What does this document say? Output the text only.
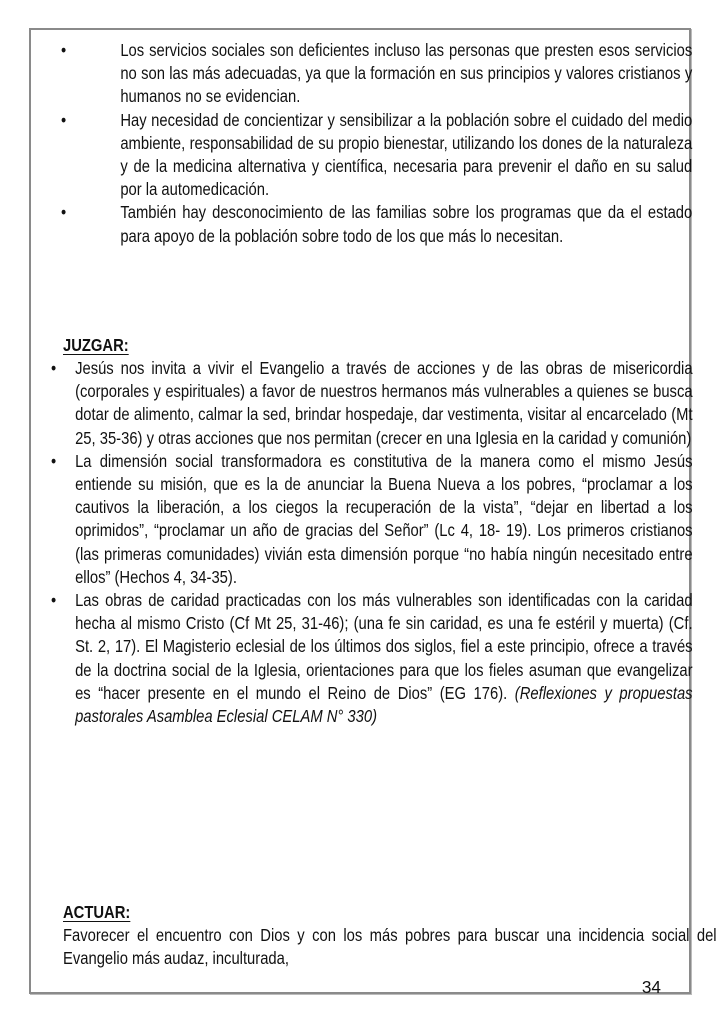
•	Los servicios sociales son deficientes incluso las personas que presten esos servicios no son las más adecuadas, ya que la formación en sus principios y valores cristianos y humanos no se evidencian.
•	Hay necesidad de concientizar y sensibilizar a la población sobre el cuidado del medio ambiente, responsabilidad de su propio bienestar, utilizando los dones de la naturaleza y de la medicina alternativa y científica, necesaria para prevenir el daño en su salud por la automedicación.
•	También hay desconocimiento de las familias sobre los programas que da el estado para apoyo de la población sobre todo de los que más lo necesitan.
JUZGAR:
•	Jesús nos invita a vivir el Evangelio a través de acciones y de las obras de misericordia (corporales y espirituales) a favor de nuestros hermanos más vulnerables a quienes se busca dotar de alimento, calmar la sed, brindar hospedaje, dar vestimenta, visitar al encarcelado (Mt 25, 35-36) y otras acciones que nos permitan (crecer en una Iglesia en la caridad y comunión)
•	La dimensión social transformadora es constitutiva de la manera como el mismo Jesús entiende su misión, que es la de anunciar la Buena Nueva a los pobres, “proclamar a los cautivos la liberación, a los ciegos la recuperación de la vista”, “dejar en libertad a los oprimidos”, “proclamar un año de gracias del Señor” (Lc 4, 18- 19). Los primeros cristianos (las primeras comunidades) vivián esta dimensión porque “no había ningún necesitado entre ellos” (Hechos 4, 34-35).
•	Las obras de caridad practicadas con los más vulnerables son identificadas con la caridad hecha al mismo Cristo (Cf Mt 25, 31-46); (una fe sin caridad, es una fe estéril y muerta) (Cf. St. 2, 17). El Magisterio eclesial de los últimos dos siglos, fiel a este principio, ofrece a través de la doctrina social de la Iglesia, orientaciones para que los fieles asuman que evangelizar es “hacer presente en el mundo el Reino de Dios” (EG 176). (Reflexiones y propuestas pastorales Asamblea Eclesial CELAM N° 330)
ACTUAR:
Favorecer el encuentro con Dios y con los más pobres para buscar una incidencia social del Evangelio más audaz, inculturada,
34
